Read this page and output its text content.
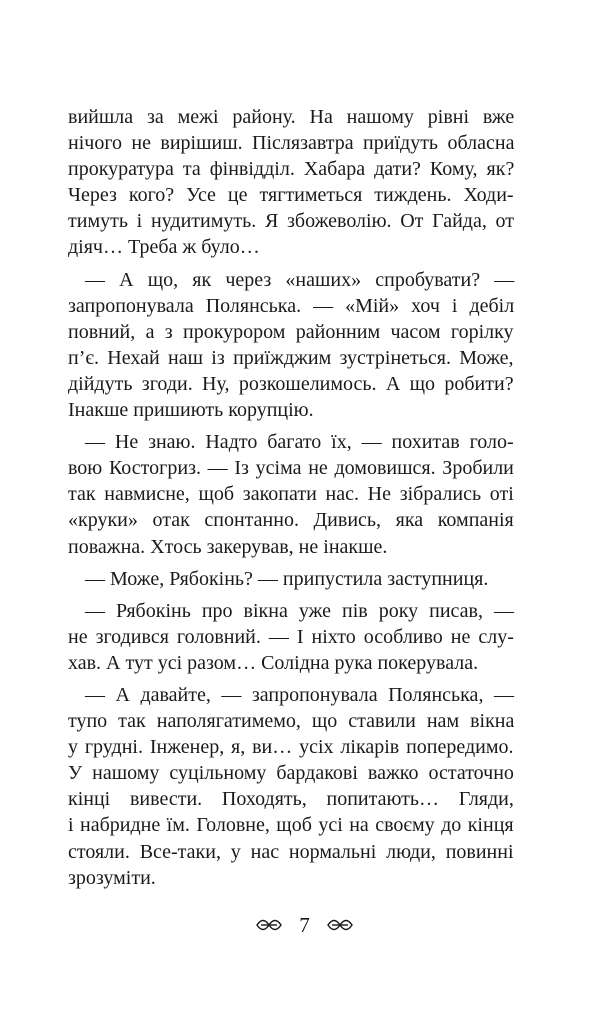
вийшла за межі району. На нашому рівні вже
нічого не вирішиш. Післязавтра приїдуть обласна
прокуратура та фінвідділ. Хабара дати? Кому, як?
Через кого? Усе це тягтиметься тиждень. Ходи-
тимуть і нудитимуть. Я збожеволію. От Гайда, от
діяч… Треба ж було…
— А що, як через «наших» спробувати? —
запропонувала Полянська. — «Мій» хоч і дебіл
повний, а з прокурором районним часом горілку
п’є. Нехай наш із приїжджим зустрінеться. Може,
дійдуть згоди. Ну, розкошелимось. А що робити?
Інакше пришиють корупцію.
— Не знаю. Надто багато їх, — похитав голо-
вою Костогриз. — Із усіма не домовишся. Зробили
так навмисне, щоб закопати нас. Не зібрались оті
«круки» отак спонтанно. Дивись, яка компанія
поважна. Хтось закерував, не інакше.
— Може, Рябокінь? — припустила заступниця.
— Рябокінь про вікна уже пів року писав, —
не згодився головний. — І ніхто особливо не слу-
хав. А тут усі разом… Солідна рука покерувала.
— А давайте, — запропонувала Полянська, —
тупо так наполягатимемо, що ставили нам вікна
у грудні. Інженер, я, ви… усіх лікарів попередимо.
У нашому суцільному бардакові важко остаточно
кінці вивести. Походять, попитають… Гляди,
і набридне їм. Головне, щоб усі на своєму до кінця
стояли. Все-таки, у нас нормальні люди, повинні
зрозуміти.
7
